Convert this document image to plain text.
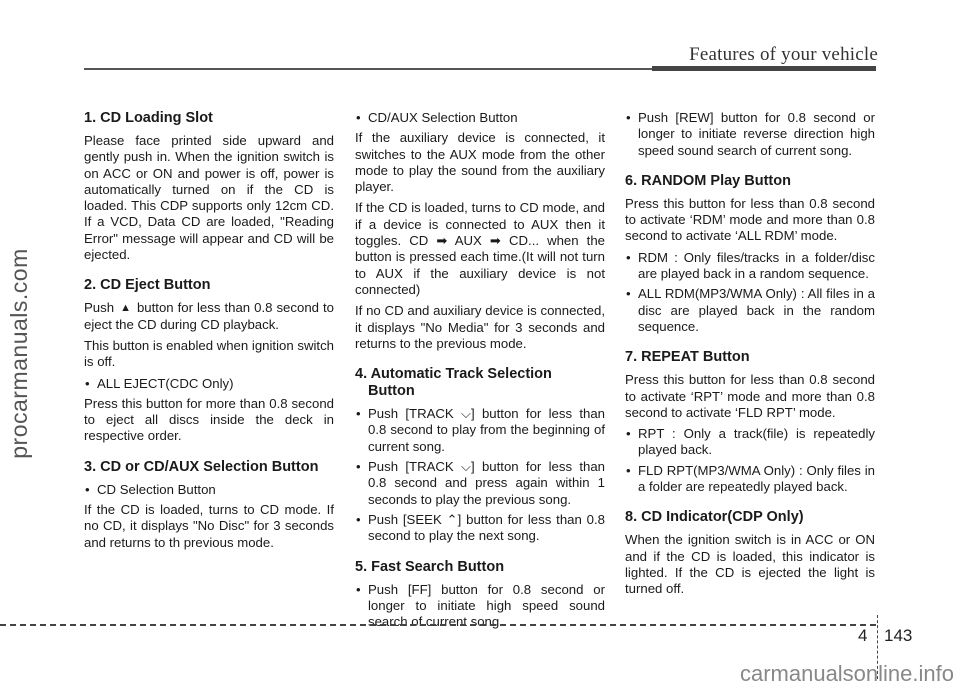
Features of your vehicle
procarmanuals.com
1. CD Loading Slot

Please face printed side upward and gently push in. When the ignition switch is on ACC or ON and power is off, power is automatically turned on if the CD is loaded. This CDP supports only 12cm CD. If a VCD, Data CD are loaded, "Reading Error" message will appear and CD will be ejected.

2. CD Eject Button

Push ▲ button for less than 0.8 second to eject the CD during CD playback.

This button is enabled when ignition switch is off.

• ALL EJECT(CDC Only)

Press this button for more than 0.8 second to eject all discs inside the deck in respective order.

3. CD or CD/AUX Selection Button
• CD Selection Button

If the CD is loaded, turns to CD mode. If no CD, it displays "No Disc" for 3 seconds and returns to th previous mode.

• CD/AUX Selection Button

If the auxiliary device is connected, it switches to the AUX mode from the other mode to play the sound from the auxiliary player.

If the CD is loaded, turns to CD mode, and if a device is connected to AUX then it toggles. CD ➡ AUX ➡ CD... when the button is pressed each time.(It will not turn to AUX if the auxiliary device is not connected)

If no CD and auxiliary device is connected, it displays "No Media" for 3 seconds and returns to the previous mode.

4. Automatic Track Selection
Button
• Push [TRACK ⌵] button for less than 0.8 second to play from the beginning of current song.
• Push [TRACK ⌵] button for less than 0.8 second and press again within 1 seconds to play the previous song.
• Push [SEEK ⌃] button for less than 0.8 second to play the next song.
5. Fast Search Button
• Push [FF] button for 0.8 second or longer to initiate high speed sound search of current song.
• Push [REW] button for 0.8 second or longer to initiate reverse direction high speed sound search of current song.
6. RANDOM Play Button

Press this button for less than 0.8 second to activate ‘RDM’ mode and more than 0.8 second to activate ‘ALL RDM’ mode.

• RDM : Only files/tracks in a folder/disc are played back in a random sequence.
• ALL RDM(MP3/WMA Only) : All files in a disc are played back in the random sequence.
7. REPEAT Button

Press this button for less than 0.8 second to activate ‘RPT’ mode and more than 0.8 second to activate ‘FLD RPT’ mode.

• RPT : Only a track(file) is repeatedly played back.
• FLD RPT(MP3/WMA Only) : Only files in a folder are repeatedly played back.
8. CD Indicator(CDP Only)

When the ignition switch is in ACC or ON and if the CD is loaded, this indicator is lighted. If the CD is ejected the light is turned off.

4 143
carmanualsonline.info
